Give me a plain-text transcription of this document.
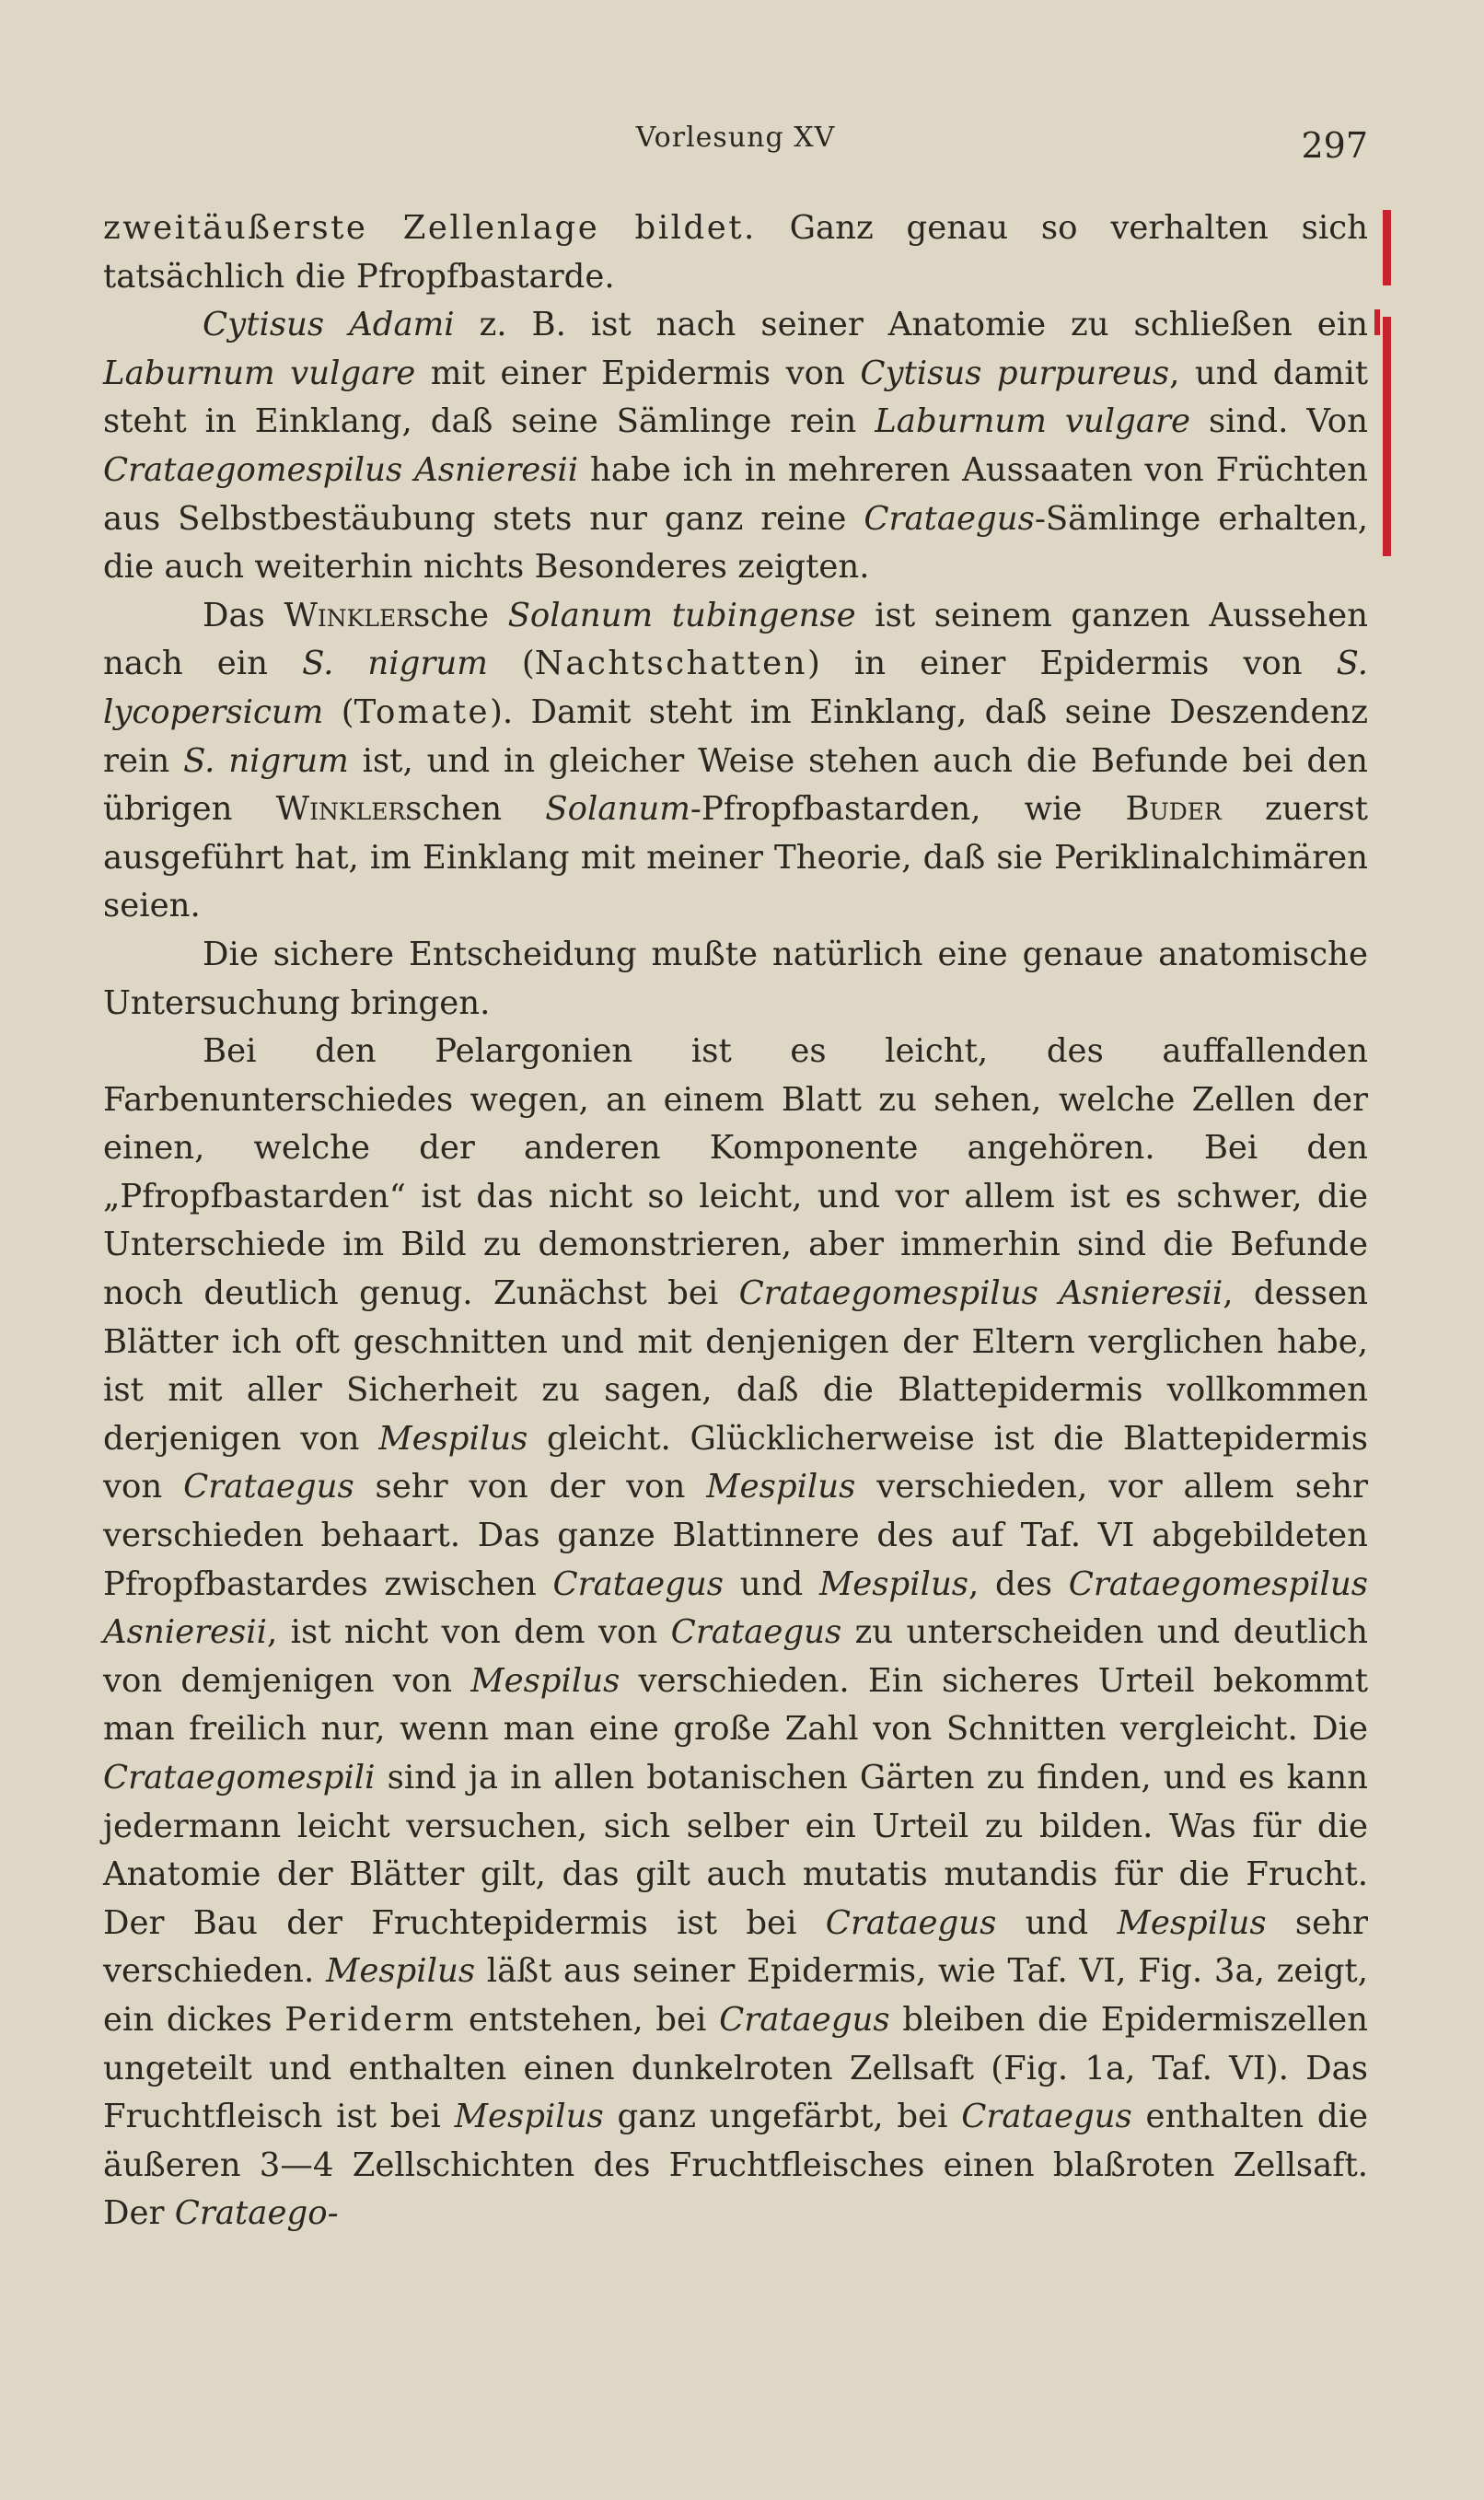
Vorlesung XV	297

zweitäußerste Zellenlage bildet. Ganz genau so verhalten sich tatsächlich die Pfropfbastarde.

Cytisus Adami z. B. ist nach seiner Anatomie zu schließen ein Laburnum vulgare mit einer Epidermis von Cytisus purpureus, und damit steht in Einklang, daß seine Sämlinge rein Laburnum vulgare sind. Von Crataegomespilus Asnieresii habe ich in mehreren Aussaaten von Früchten aus Selbstbestäubung stets nur ganz reine Crataegus-Sämlinge erhalten, die auch weiterhin nichts Besonderes zeigten.

Das Winklersche Solanum tubingense ist seinem ganzen Aussehen nach ein S. nigrum (Nachtschatten) in einer Epidermis von S. lycopersicum (Tomate). Damit steht im Einklang, daß seine Deszendenz rein S. nigrum ist, und in gleicher Weise stehen auch die Befunde bei den übrigen Winklerschen Solanum-Pfropfbastarden, wie Buder zuerst ausgeführt hat, im Einklang mit meiner Theorie, daß sie Periklinalchimären seien.

Die sichere Entscheidung mußte natürlich eine genaue anatomische Untersuchung bringen.

Bei den Pelargonien ist es leicht, des auffallenden Farbenunterschiedes wegen, an einem Blatt zu sehen, welche Zellen der einen, welche der anderen Komponente angehören. Bei den „Pfropfbastarden“ ist das nicht so leicht, und vor allem ist es schwer, die Unterschiede im Bild zu demonstrieren, aber immerhin sind die Befunde noch deutlich genug. Zunächst bei Crataegomespilus Asnieresii, dessen Blätter ich oft geschnitten und mit denjenigen der Eltern verglichen habe, ist mit aller Sicherheit zu sagen, daß die Blattepidermis vollkommen derjenigen von Mespilus gleicht. Glücklicherweise ist die Blattepidermis von Crataegus sehr von der von Mespilus verschieden, vor allem sehr verschieden behaart. Das ganze Blattinnere des auf Taf. VI abgebildeten Pfropfbastardes zwischen Crataegus und Mespilus, des Crataegomespilus Asnieresii, ist nicht von dem von Crataegus zu unterscheiden und deutlich von demjenigen von Mespilus verschieden. Ein sicheres Urteil bekommt man freilich nur, wenn man eine große Zahl von Schnitten vergleicht. Die Crataegomespili sind ja in allen botanischen Gärten zu finden, und es kann jedermann leicht versuchen, sich selber ein Urteil zu bilden. Was für die Anatomie der Blätter gilt, das gilt auch mutatis mutandis für die Frucht. Der Bau der Fruchtepidermis ist bei Crataegus und Mespilus sehr verschieden. Mespilus läßt aus seiner Epidermis, wie Taf. VI, Fig. 3a, zeigt, ein dickes Periderm entstehen, bei Crataegus bleiben die Epidermiszellen ungeteilt und enthalten einen dunkelroten Zellsaft (Fig. 1a, Taf. VI). Das Fruchtfleisch ist bei Mespilus ganz ungefärbt, bei Crataegus enthalten die äußeren 3—4 Zellschichten des Fruchtfleisches einen blaßroten Zellsaft. Der Crataego-
